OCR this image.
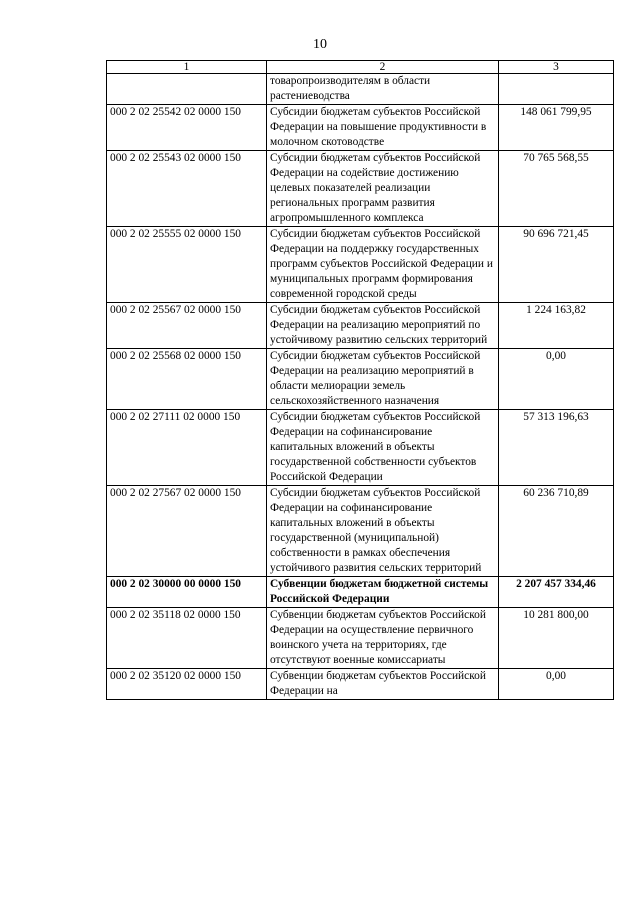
10
1	2	3
	товаропроизводителям в области растениеводства	
000 2 02 25542 02 0000 150	Субсидии бюджетам субъектов Российской Федерации на повышение продуктивности в молочном скотоводстве	148 061 799,95
000 2 02 25543 02 0000 150	Субсидии бюджетам субъектов Российской Федерации на содействие достижению целевых показателей реализации региональных программ развития агропромышленного комплекса	70 765 568,55
000 2 02 25555 02 0000 150	Субсидии бюджетам субъектов Российской Федерации на поддержку государственных программ субъектов Российской Федерации и муниципальных программ формирования современной городской среды	90 696 721,45
000 2 02 25567 02 0000 150	Субсидии бюджетам субъектов Российской Федерации на реализацию мероприятий по устойчивому развитию сельских территорий	1 224 163,82
000 2 02 25568 02 0000 150	Субсидии бюджетам субъектов Российской Федерации на реализацию мероприятий в области мелиорации земель сельскохозяйственного назначения	0,00
000 2 02 27111 02 0000 150	Субсидии бюджетам субъектов Российской Федерации на софинансирование капитальных вложений в объекты государственной собственности субъектов Российской Федерации	57 313 196,63
000 2 02 27567 02 0000 150	Субсидии бюджетам субъектов Российской Федерации на софинансирование капитальных вложений в объекты государственной (муниципальной) собственности в рамках обеспечения устойчивого развития сельских территорий	60 236 710,89
000 2 02 30000 00 0000 150	Субвенции бюджетам бюджетной системы Российской Федерации	2 207 457 334,46
000 2 02 35118 02 0000 150	Субвенции бюджетам субъектов Российской Федерации на осуществление первичного воинского учета на территориях, где отсутствуют военные комиссариаты	10 281 800,00
000 2 02 35120 02 0000 150	Субвенции бюджетам субъектов Российской Федерации на	0,00
